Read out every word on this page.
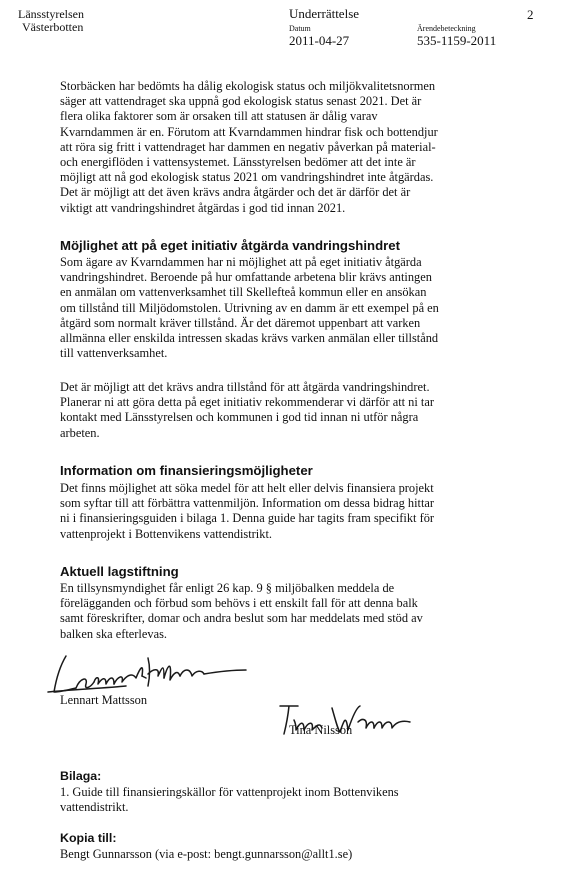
Länsstyrelsen
Västerbotten
Underrättelse
Datum
2011-04-27
Ärendebeteckning
535-1159-2011
2
Storbäcken har bedömts ha dålig ekologisk status och miljökvalitetsnormen
säger att vattendraget ska uppnå god ekologisk status senast 2021. Det är
flera olika faktorer som är orsaken till att statusen är dålig varav
Kvarndammen är en. Förutom att Kvarndammen hindrar fisk och bottendjur
att röra sig fritt i vattendraget har dammen en negativ påverkan på material-
och energiflöden i vattensystemet. Länsstyrelsen bedömer att det inte är
möjligt att nå god ekologisk status 2021 om vandringshindret inte åtgärdas.
Det är möjligt att det även krävs andra åtgärder och det är därför det är
viktigt att vandringshindret åtgärdas i god tid innan 2021.
Möjlighet att på eget initiativ åtgärda vandringshindret
Som ägare av Kvarndammen har ni möjlighet att på eget initiativ åtgärda
vandringshindret. Beroende på hur omfattande arbetena blir krävs antingen
en anmälan om vattenverksamhet till Skellefteå kommun eller en ansökan
om tillstånd till Miljödomstolen. Utrivning av en damm är ett exempel på en
åtgärd som normalt kräver tillstånd. Är det däremot uppenbart att varken
allmänna eller enskilda intressen skadas krävs varken anmälan eller tillstånd
till vattenverksamhet.
Det är möjligt att det krävs andra tillstånd för att åtgärda vandringshindret.
Planerar ni att göra detta på eget initiativ rekommenderar vi därför att ni tar
kontakt med Länsstyrelsen och kommunen i god tid innan ni utför några
arbeten.
Information om finansieringsmöjligheter
Det finns möjlighet att söka medel för att helt eller delvis finansiera projekt
som syftar till att förbättra vattenmiljön. Information om dessa bidrag hittar
ni i finansieringsguiden i bilaga 1. Denna guide har tagits fram specifikt för
vattenprojekt i Bottenvikens vattendistrikt.
Aktuell lagstiftning
En tillsynsmyndighet får enligt 26 kap. 9 § miljöbalken meddela de
förelägganden och förbud som behövs i ett enskilt fall för att denna balk
samt föreskrifter, domar och andra beslut som har meddelats med stöd av
balken ska efterlevas.
Lennart Mattsson
Tina Nilsson
Bilaga:
1. Guide till finansieringskällor för vattenprojekt inom Bottenvikens
vattendistrikt.
Kopia till:
Bengt Gunnarsson (via e-post: bengt.gunnarsson@allt1.se)
